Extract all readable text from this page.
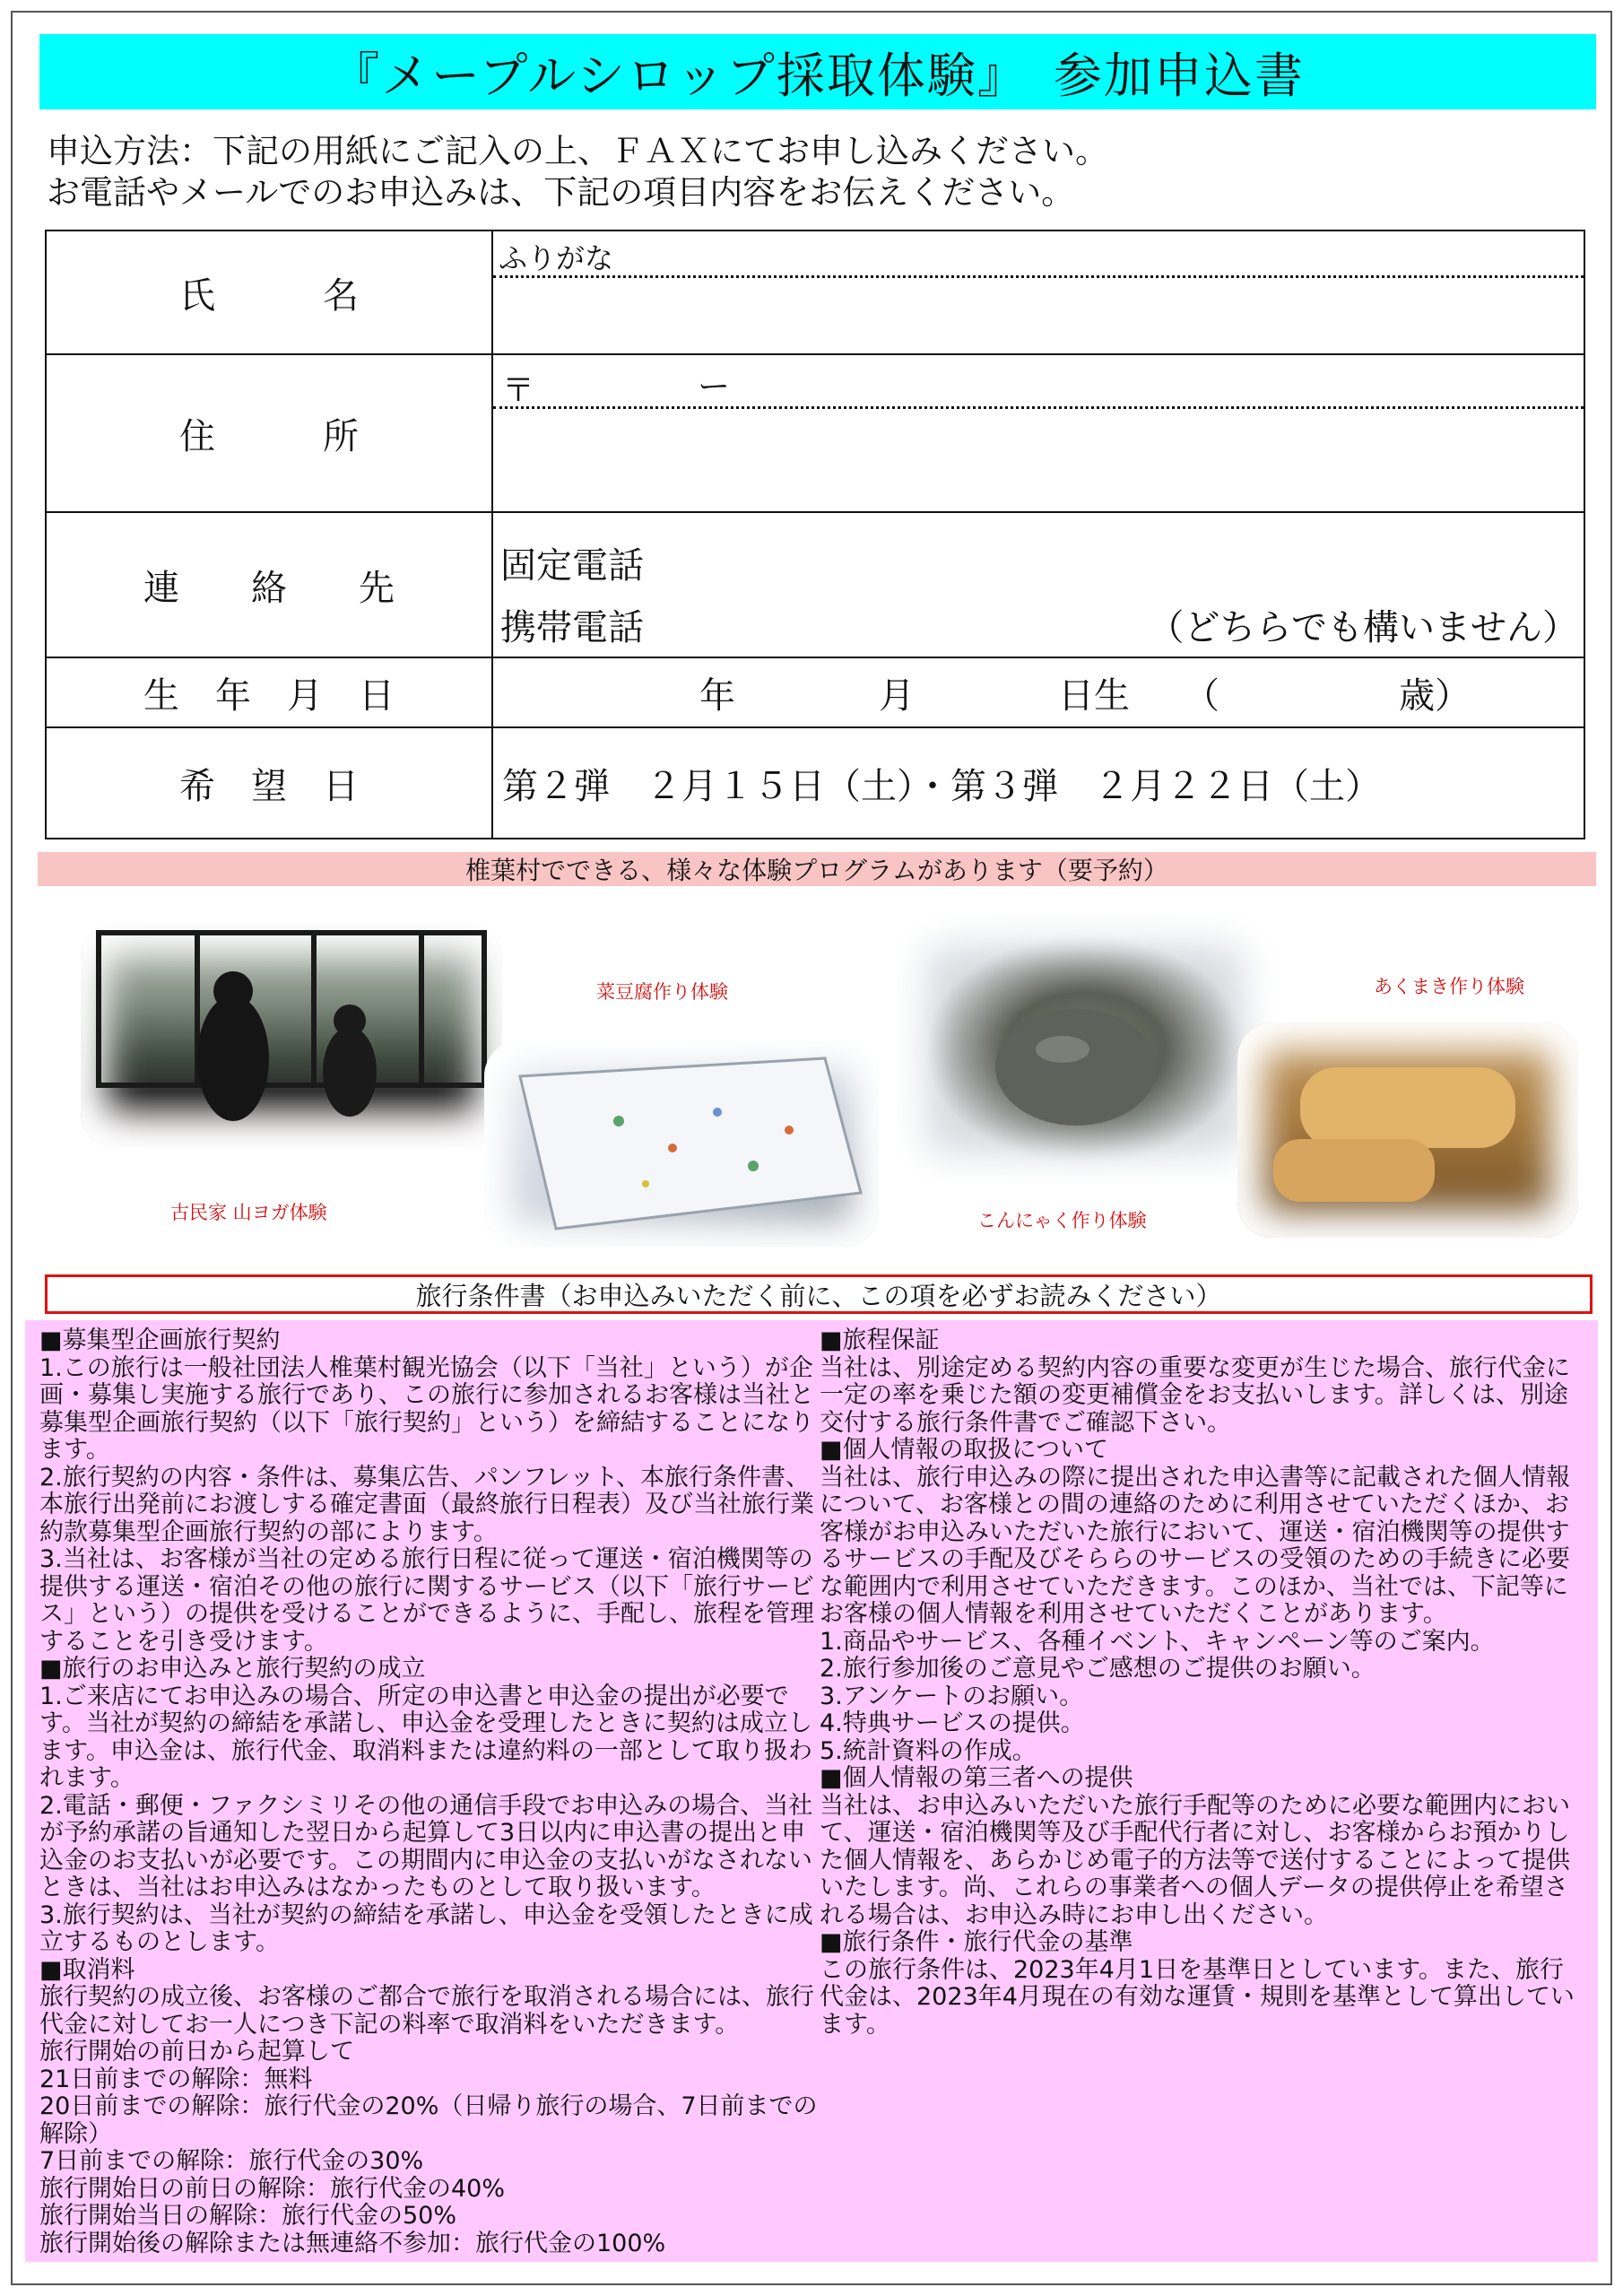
『メープルシロップ採取体験』　参加申込書
申込方法：下記の用紙にご記入の上、ＦＡＸにてお申し込みください。
お電話やメールでのお申込みは、下記の項目内容をお伝えください。
氏　　　名	ふりがな

住　　　所	〒 ー

連　　絡　　先	固定電話
携帯電話 （どちらでも構いません）

生　年　月　日	年　　　　月　　　　日生　　（　　　　　歳）
希　望　日	第２弾　２月１５日（土）・第３弾　２月２２日（土）
椎葉村でできる、様々な体験プログラムがあります（要予約）
古民家 山ヨガ体験
菜豆腐作り体験
こんにゃく作り体験
あくまき作り体験
旅行条件書（お申込みいただく前に、この項を必ずお読みください）

■募集型企画旅行契約

1.この旅行は一般社団法人椎葉村観光協会（以下「当社」という）が企画・募集し実施する旅行であり、この旅行に参加されるお客様は当社と募集型企画旅行契約（以下「旅行契約」という）を締結することになります。

2.旅行契約の内容・条件は、募集広告、パンフレット、本旅行条件書、本旅行出発前にお渡しする確定書面（最終旅行日程表）及び当社旅行業約款募集型企画旅行契約の部によります。

3.当社は、お客様が当社の定める旅行日程に従って運送・宿泊機関等の提供する運送・宿泊その他の旅行に関するサービス（以下「旅行サービス」という）の提供を受けることができるように、手配し、旅程を管理することを引き受けます。

■旅行のお申込みと旅行契約の成立

1.ご来店にてお申込みの場合、所定の申込書と申込金の提出が必要です。当社が契約の締結を承諾し、申込金を受理したときに契約は成立します。申込金は、旅行代金、取消料または違約料の一部として取り扱われます。

2.電話・郵便・ファクシミリその他の通信手段でお申込みの場合、当社が予約承諾の旨通知した翌日から起算して3日以内に申込書の提出と申込金のお支払いが必要です。この期間内に申込金の支払いがなされないときは、当社はお申込みはなかったものとして取り扱います。

3.旅行契約は、当社が契約の締結を承諾し、申込金を受領したときに成立するものとします。

■取消料

旅行契約の成立後、お客様のご都合で旅行を取消される場合には、旅行代金に対してお一人につき下記の料率で取消料をいただきます。

旅行開始の前日から起算して

21日前までの解除：無料

20日前までの解除：旅行代金の20%（日帰り旅行の場合、7日前までの解除）

7日前までの解除：旅行代金の30%

旅行開始日の前日の解除：旅行代金の40%

旅行開始当日の解除：旅行代金の50%

旅行開始後の解除または無連絡不参加：旅行代金の100%

■旅程保証

当社は、別途定める契約内容の重要な変更が生じた場合、旅行代金に一定の率を乗じた額の変更補償金をお支払いします。詳しくは、別途交付する旅行条件書でご確認下さい。

■個人情報の取扱について

当社は、旅行申込みの際に提出された申込書等に記載された個人情報について、お客様との間の連絡のために利用させていただくほか、お客様がお申込みいただいた旅行において、運送・宿泊機関等の提供するサービスの手配及びそららのサービスの受領のための手続きに必要な範囲内で利用させていただきます。このほか、当社では、下記等にお客様の個人情報を利用させていただくことがあります。

1.商品やサービス、各種イベント、キャンペーン等のご案内。

2.旅行参加後のご意見やご感想のご提供のお願い。

3.アンケートのお願い。

4.特典サービスの提供。

5.統計資料の作成。

■個人情報の第三者への提供

当社は、お申込みいただいた旅行手配等のために必要な範囲内において、運送・宿泊機関等及び手配代行者に対し、お客様からお預かりした個人情報を、あらかじめ電子的方法等で送付することによって提供いたします。尚、これらの事業者への個人データの提供停止を希望される場合は、お申込み時にお申し出ください。

■旅行条件・旅行代金の基準

この旅行条件は、2023年4月1日を基準日としています。また、旅行代金は、2023年4月現在の有効な運賃・規則を基準として算出しています。
